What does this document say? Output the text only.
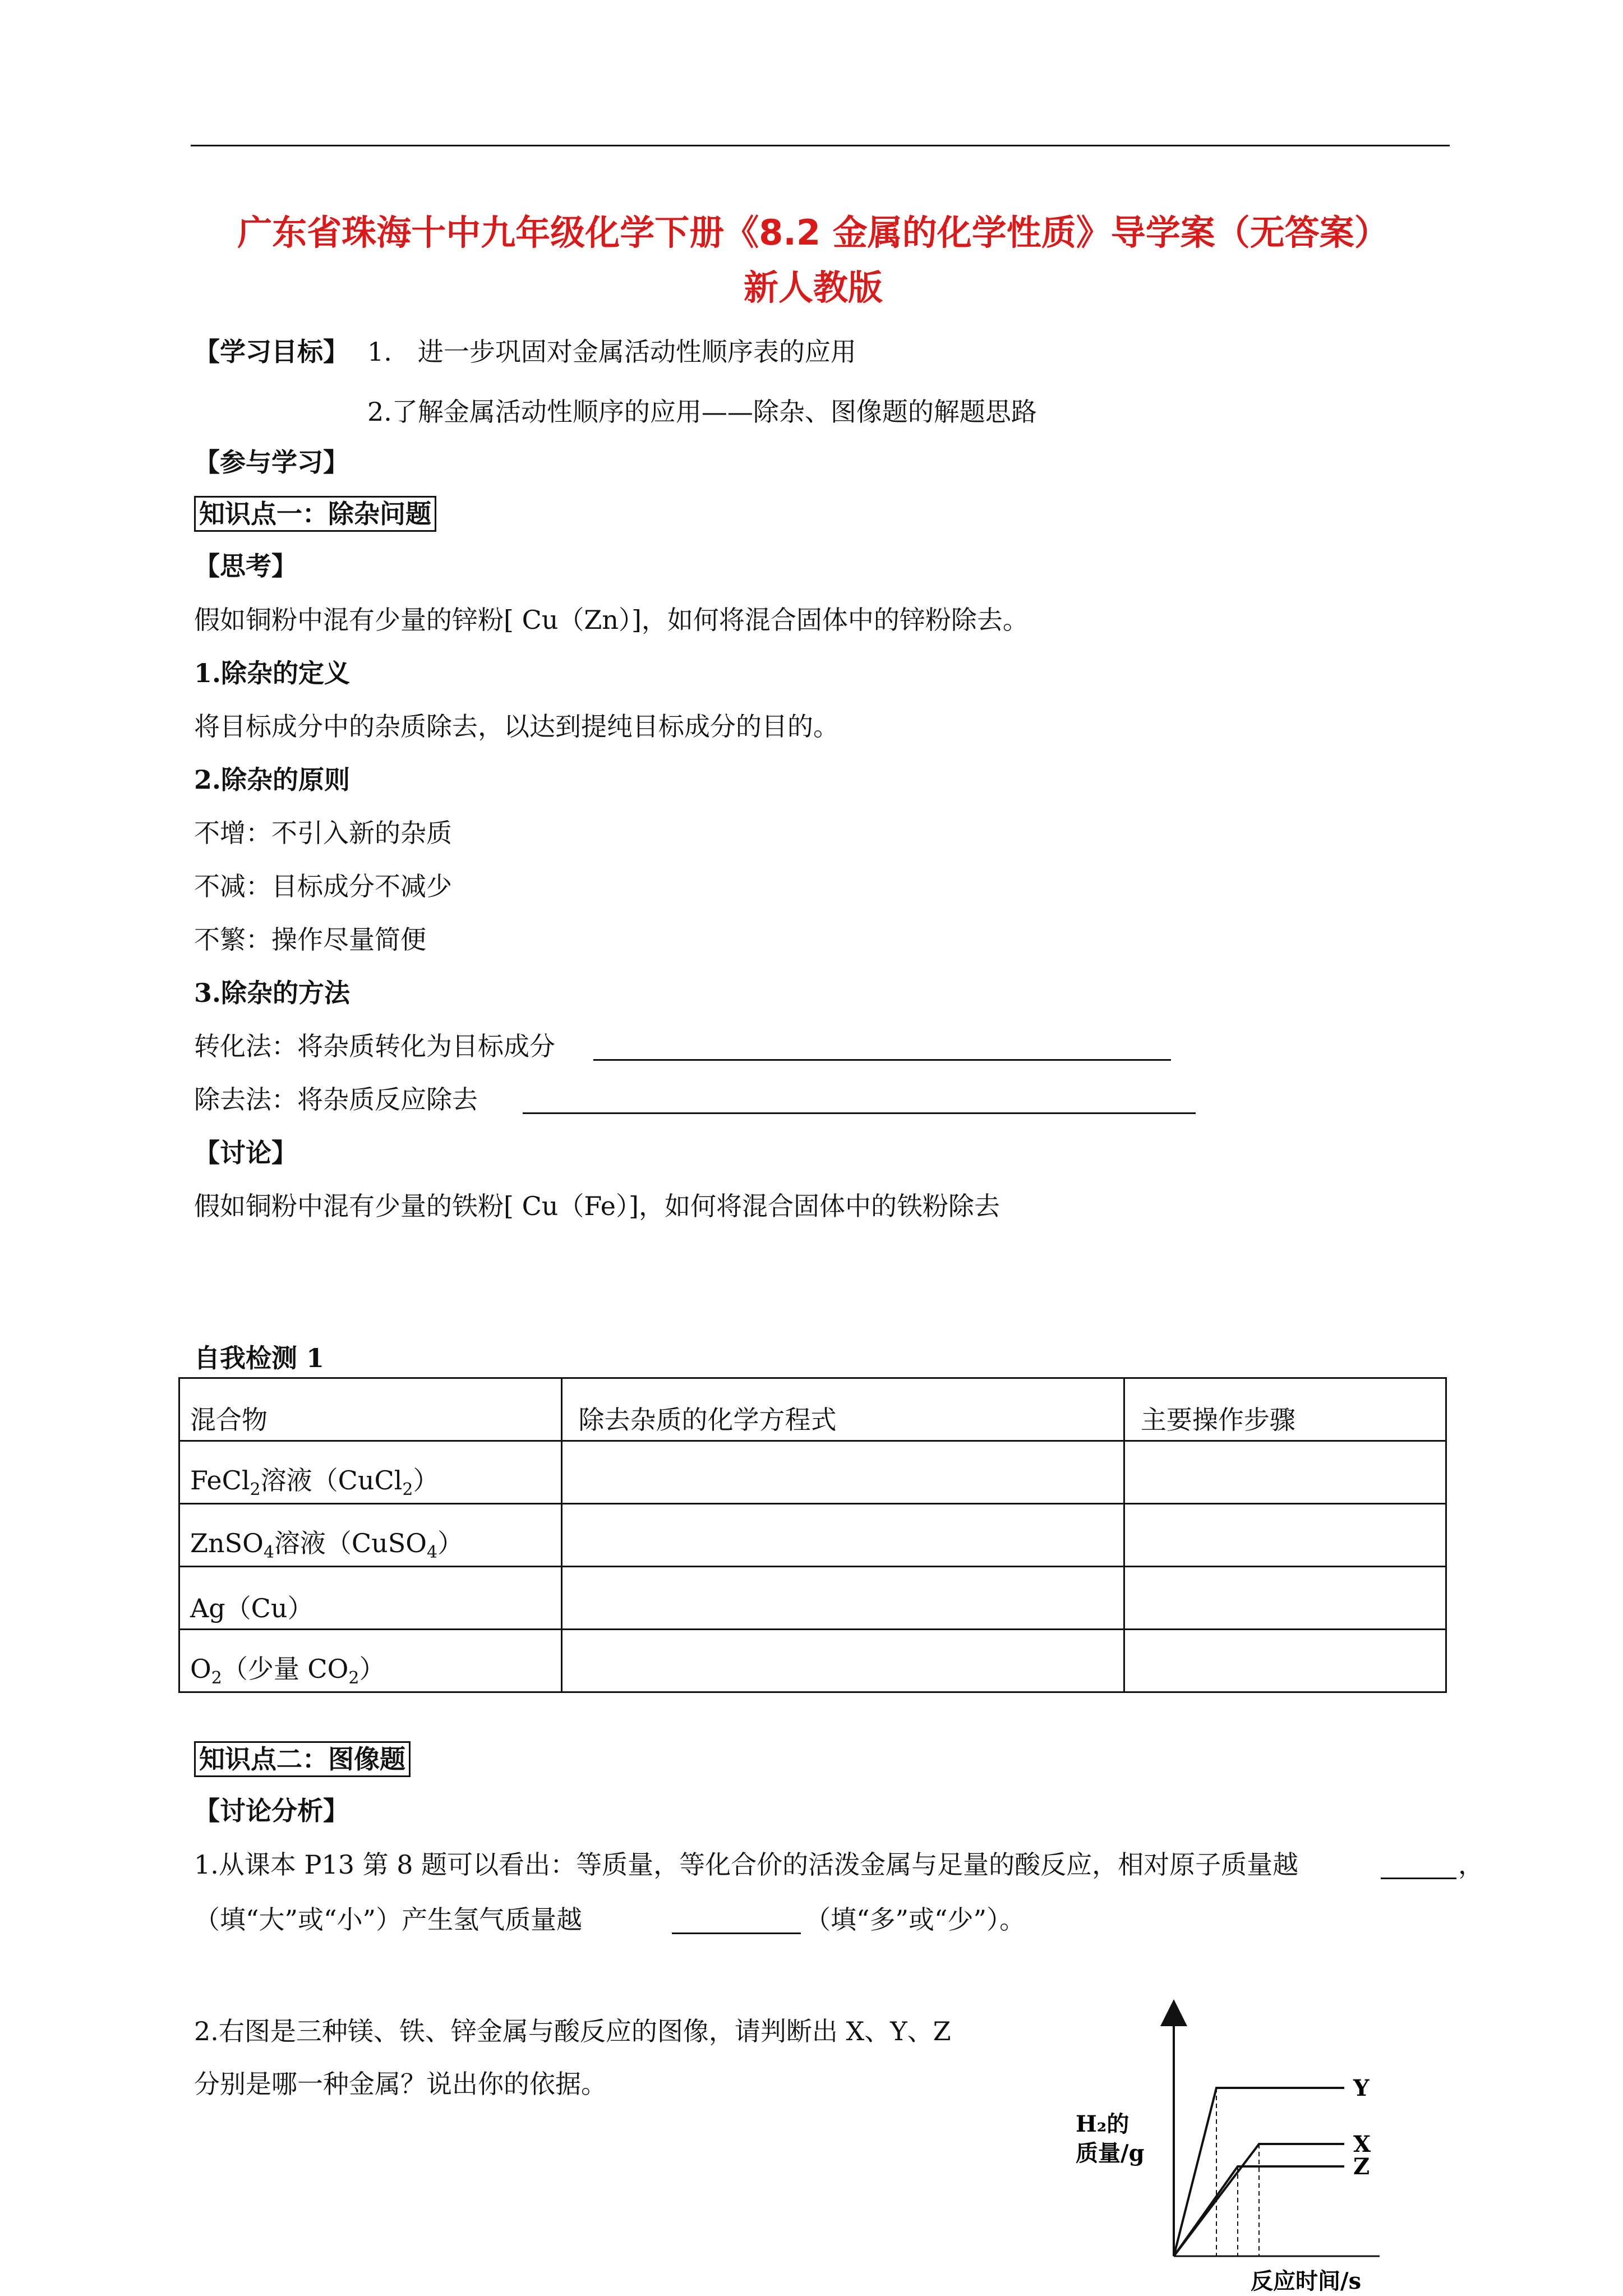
广东省珠海十中九年级化学下册《8.2 金属的化学性质》导学案（无答案）
新人教版
【学习目标】 1.　进一步巩固对金属活动性顺序表的应用
2.了解金属活动性顺序的应用——除杂、图像题的解题思路
【参与学习】
知识点一：除杂问题
【思考】
假如铜粉中混有少量的锌粉[ Cu（Zn）]，如何将混合固体中的锌粉除去。
1.除杂的定义
将目标成分中的杂质除去，以达到提纯目标成分的目的。
2.除杂的原则
不增：不引入新的杂质
不减：目标成分不减少
不繁：操作尽量简便
3.除杂的方法
转化法：将杂质转化为目标成分
除去法：将杂质反应除去
【讨论】
假如铜粉中混有少量的铁粉[ Cu（Fe）]，如何将混合固体中的铁粉除去
自我检测 1
混合物	除去杂质的化学方程式	主要操作步骤
FeCl$_2$溶液（CuCl$_2$）		
ZnSO$_4$溶液（CuSO$_4$）		
Ag（Cu）		
$O_2$（少量 $CO_2$）		
知识点二：图像题
【讨论分析】
1.从课本 P13 第 8 题可以看出：等质量，等化合价的活泼金属与足量的酸反应，相对原子质量越	，
（填“大”或“小”）产生氢气质量越	（填“多”或“少”）。
2.右图是三种镁、铁、锌金属与酸反应的图像，请判断出 X、Y、Z
分别是哪一种金属？说出你的依据。
H₂的
质量/g
反应时间/s
Y
X
Z
